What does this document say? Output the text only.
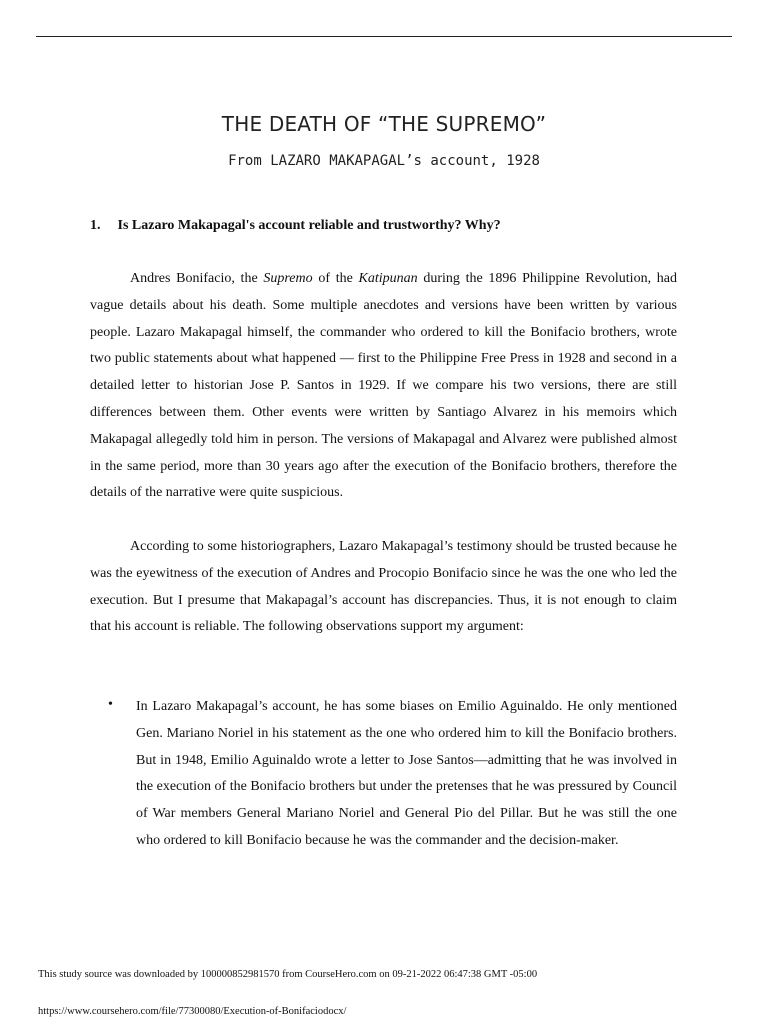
THE DEATH OF “THE SUPREMO”
From LAZARO MAKAPAGAL’s account, 1928
1. Is Lazaro Makapagal's account reliable and trustworthy? Why?

Andres Bonifacio, the Supremo of the Katipunan during the 1896 Philippine Revolution, had vague details about his death. Some multiple anecdotes and versions have been written by various people. Lazaro Makapagal himself, the commander who ordered to kill the Bonifacio brothers, wrote two public statements about what happened — first to the Philippine Free Press in 1928 and second in a detailed letter to historian Jose P. Santos in 1929. If we compare his two versions, there are still differences between them. Other events were written by Santiago Alvarez in his memoirs which Makapagal allegedly told him in person. The versions of Makapagal and Alvarez were published almost in the same period, more than 30 years ago after the execution of the Bonifacio brothers, therefore the details of the narrative were quite suspicious.

According to some historiographers, Lazaro Makapagal’s testimony should be trusted because he was the eyewitness of the execution of Andres and Procopio Bonifacio since he was the one who led the execution. But I presume that Makapagal’s account has discrepancies. Thus, it is not enough to claim that his account is reliable. The following observations support my argument:

• In Lazaro Makapagal’s account, he has some biases on Emilio Aguinaldo. He only mentioned Gen. Mariano Noriel in his statement as the one who ordered him to kill the Bonifacio brothers. But in 1948, Emilio Aguinaldo wrote a letter to Jose Santos—admitting that he was involved in the execution of the Bonifacio brothers but under the pretenses that he was pressured by Council of War members General Mariano Noriel and General Pio del Pillar. But he was still the one who ordered to kill Bonifacio because he was the commander and the decision-maker.

This study source was downloaded by 100000852981570 from CourseHero.com on 09-21-2022 06:47:38 GMT -05:00
https://www.coursehero.com/file/77300080/Execution-of-Bonifaciodocx/
